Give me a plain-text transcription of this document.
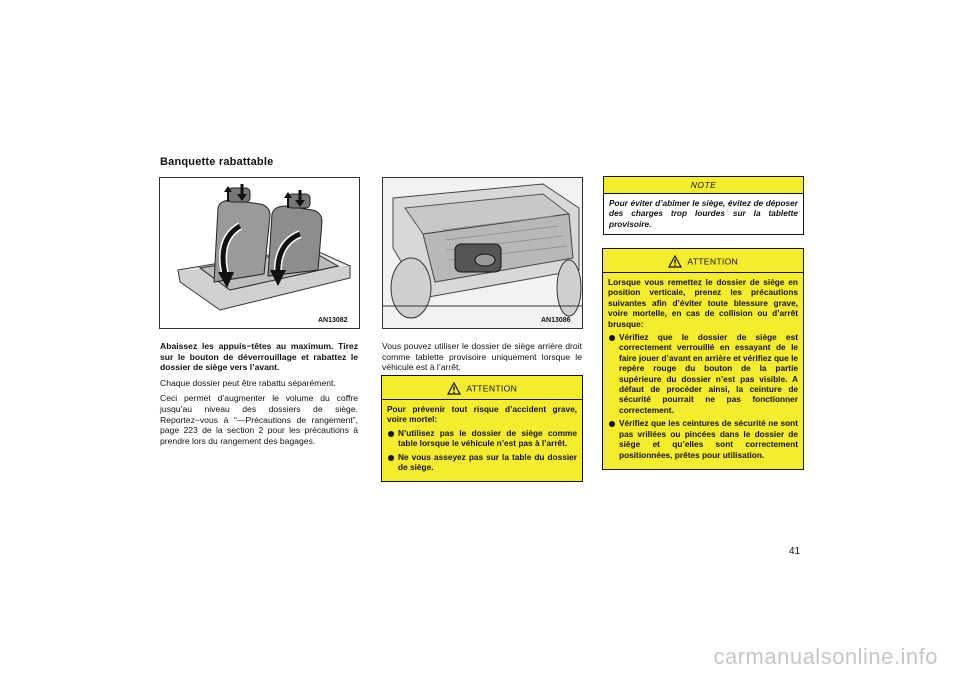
Banquette rabattable
AN13082	AN13086

Abaissez les appuis−têtes au maximum. Tirez sur le bouton de déverrouillage et rabattez le dossier de siège vers l’avant.

Chaque dossier peut être rabattu séparément.

Ceci permet d’augmenter le volume du coffre jusqu’au niveau des dossiers de siège. Reportez−vous à “—Précautions de rangement”, page 223 de la section 2 pour les précautions à prendre lors du rangement des bagages.

Vous pouvez utiliser le dossier de siège arrière droit comme tablette provisoire uniquement lorsque le véhicule est à l’arrêt.

ATTENTION

Pour prévenir tout risque d’accident grave, voire mortel:

N’utilisez pas le dossier de siège comme table lorsque le véhicule n’est pas à l’arrêt.
Ne vous asseyez pas sur la table du dossier de siège.
NOTE
Pour éviter d’abîmer le siège, évitez de déposer des charges trop lourdes sur la tablette provisoire.
ATTENTION

Lorsque vous remettez le dossier de siège en position verticale, prenez les précautions suivantes afin d’éviter toute blessure grave, voire mortelle, en cas de collision ou d’arrêt brusque:

Vérifiez que le dossier de siège est correctement verrouillé en essayant de le faire jouer d’avant en arrière et vérifiez que le repère rouge du bouton de la partie supérieure du dossier n’est pas visible. A défaut de procéder ainsi, la ceinture de sécurité pourrait ne pas fonctionner correctement.
Vérifiez que les ceintures de sécurité ne sont pas vrillées ou pincées dans le dossier de siège et qu’elles sont correctement positionnées, prêtes pour utilisation.
41
carmanualsonline.info
